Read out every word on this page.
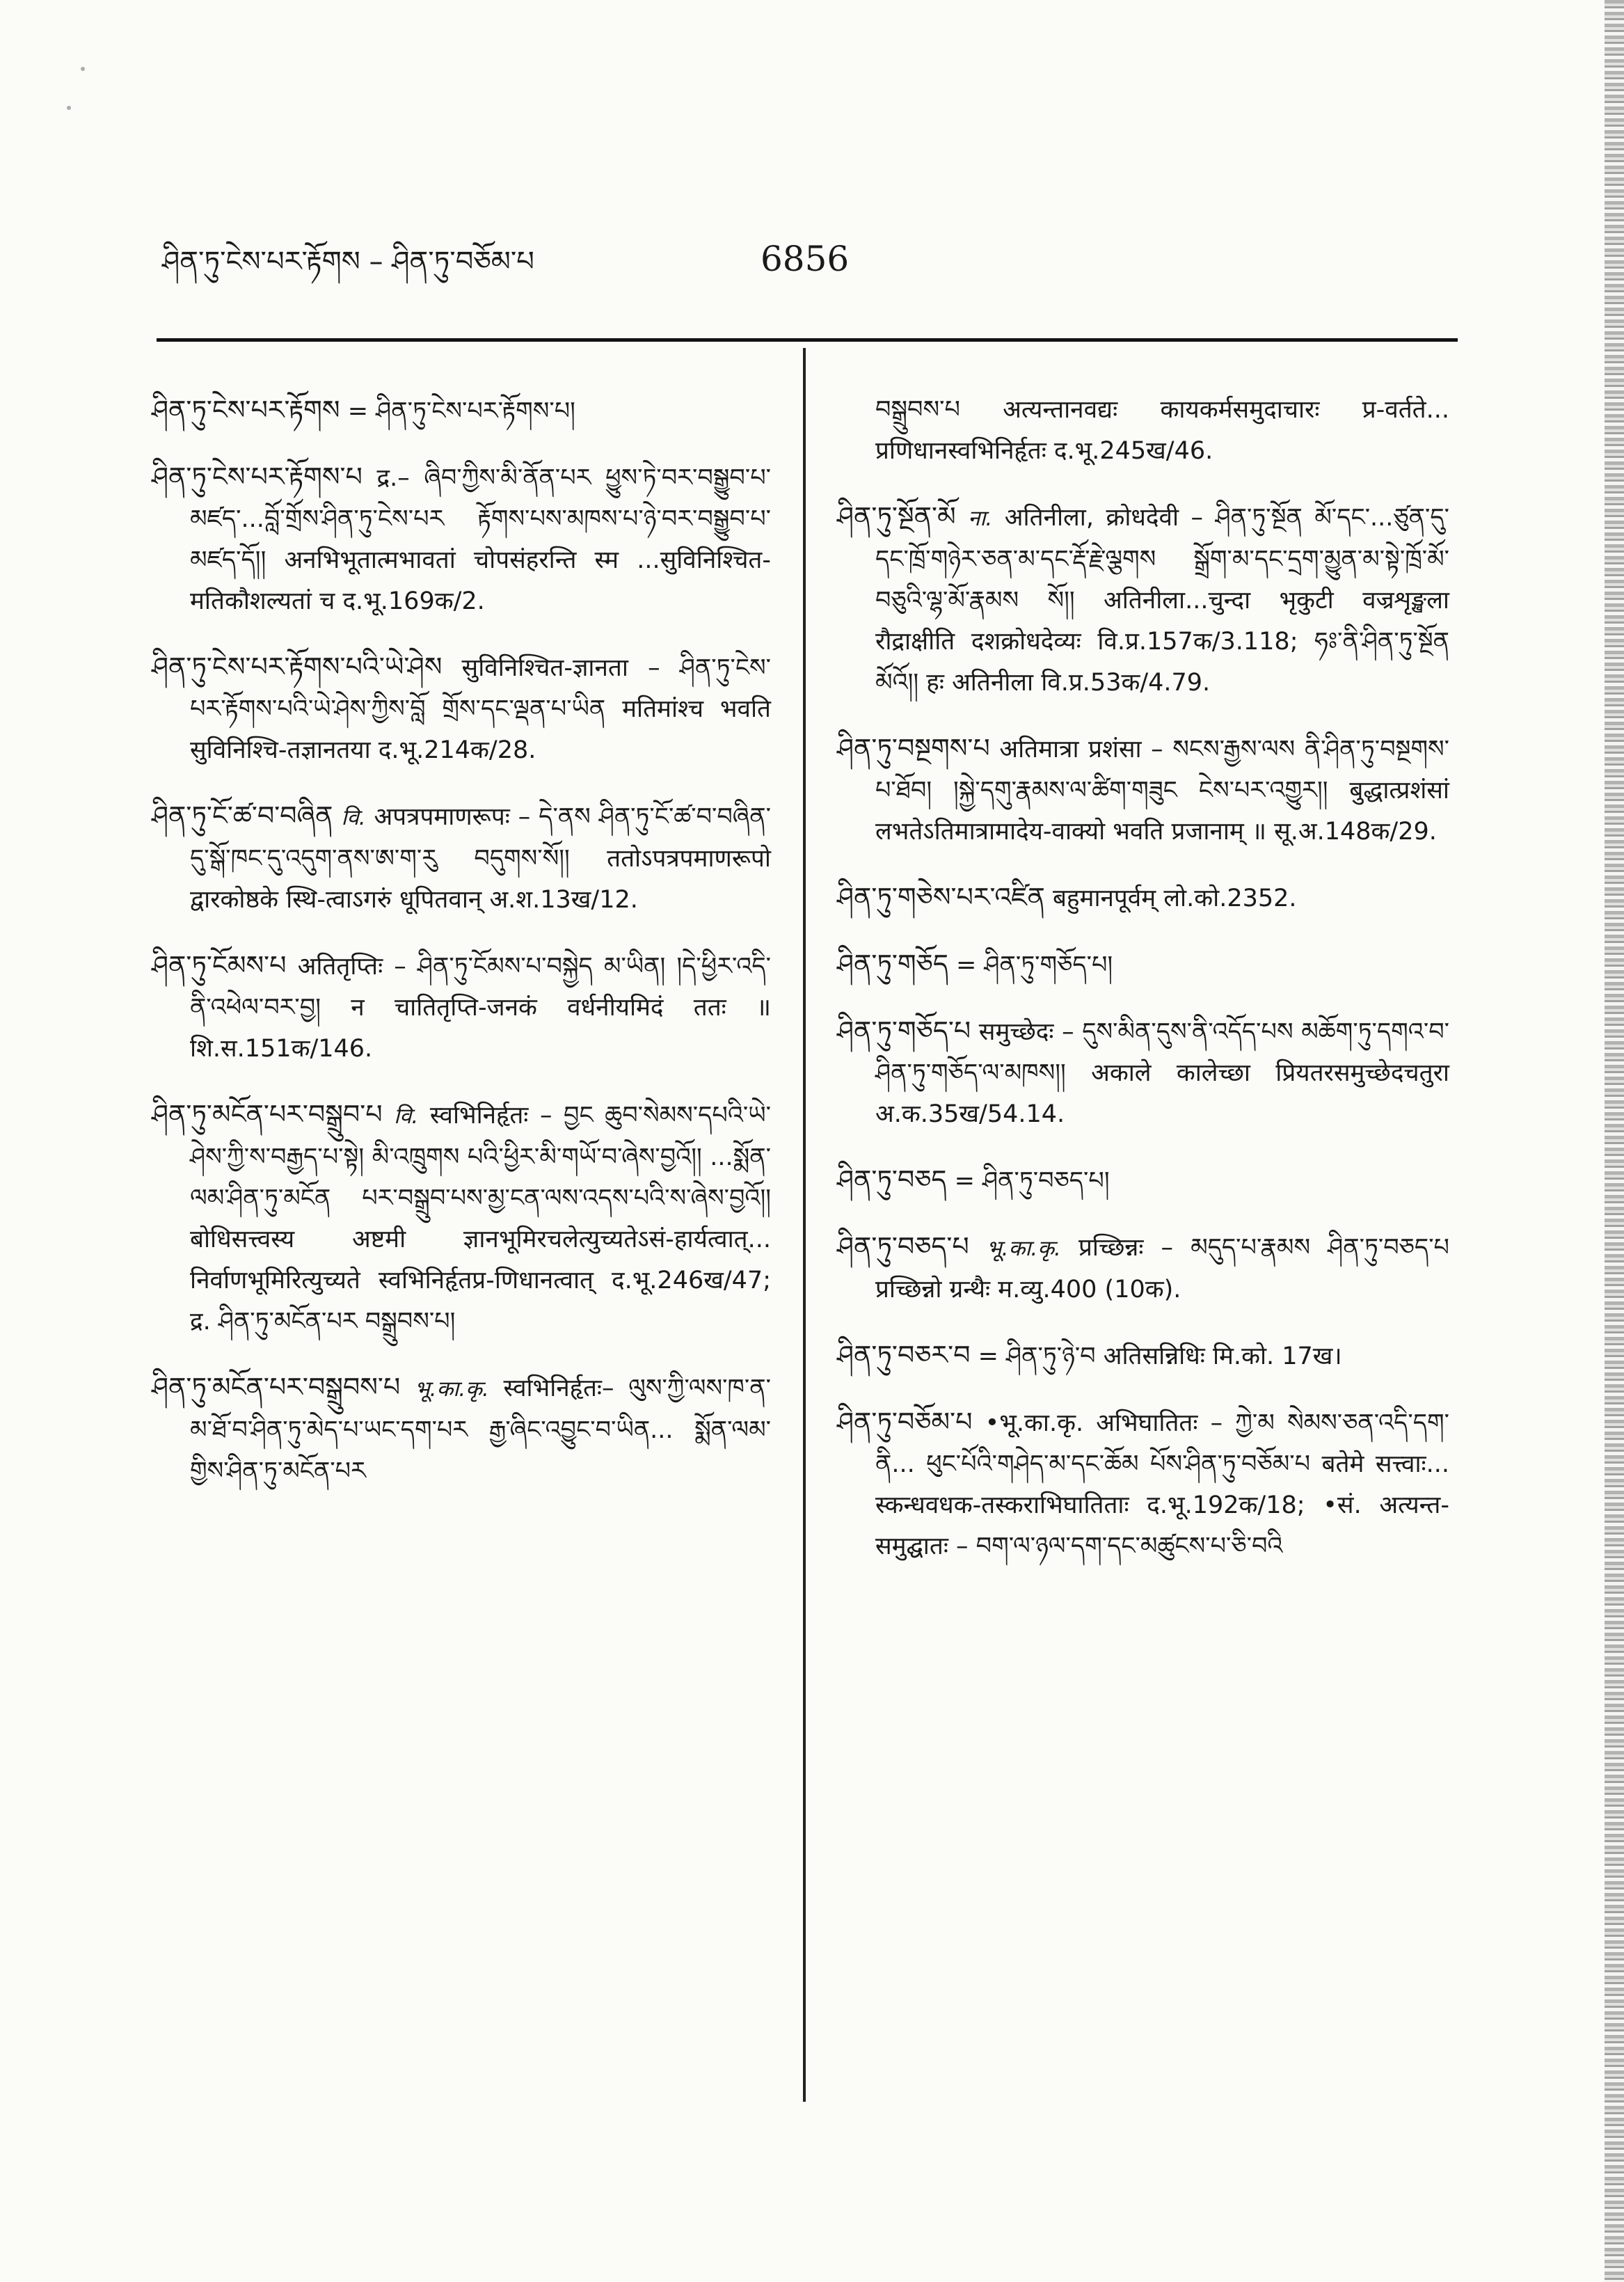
ཤིན་ཏུ་ངེས་པར་རྟོགས – ཤིན་ཏུ་བཅོམ་པ	6856

ཤིན་ཏུ་ངེས་པར་རྟོགས = ཤིན་ཏུ་ངེས་པར་རྟོགས་པ།

ཤིན་ཏུ་ངེས་པར་རྟོགས་པ द्र.– ཞིབ་ཀྱིས་མི་ནོན་པར ཕྱུས་ཏེ་བར་བསྒྱུབ་པ་མཛད་...བློ་གྲོས་ཤིན་ཏུ་ངེས་པར རྟོགས་པས་མཁས་པ་ཉེ་བར་བསྒྱུབ་པ་མཛད་དོ།། अनभिभूतात्मभावतां चोपसंहरन्ति स्म ...सुविनिश्चित-मतिकौशल्यतां च द.भू.169क/2.

ཤིན་ཏུ་ངེས་པར་རྟོགས་པའི་ཡེ་ཤེས सुविनिश्चित-ज्ञानता – ཤིན་ཏུ་ངེས་པར་རྟོགས་པའི་ཡེ་ཤེས་ཀྱིས་བློ གྲོས་དང་ལྡན་པ་ཡིན मतिमांश्च भवति सुविनिश्चि-तज्ञानतया द.भू.214क/28.

ཤིན་ཏུ་ངོ་ཚ་བ་བཞིན वि. अपत्रपमाणरूपः – དེ་ནས ཤིན་ཏུ་ངོ་ཚ་བ་བཞིན་དུ་སྒོ་ཁང་དུ་འདུག་ནས་ཨ་ག་རུ བདུགས་སོ།། ततोऽपत्रपमाणरूपो द्वारकोष्ठके स्थि-त्वाऽगरुं धूपितवान् अ.श.13ख/12.

ཤིན་ཏུ་ངོམས་པ अतितृप्तिः – ཤིན་ཏུ་ངོམས་པ་བསྐྱེད མ་ཡིན། །དེ་ཕྱིར་འདི་ནི་འཕེལ་བར་བྱ། न चातितृप्ति-जनकं वर्धनीयमिदं ततः ॥ शि.स.151क/146.

ཤིན་ཏུ་མངོན་པར་བསྒྲུབ་པ वि. स्वभिनिर्हृतः – བྱང ཆུབ་སེམས་དཔའི་ཡེ་ཤེས་ཀྱི་ས་བརྒྱད་པ་སྟེ། མི་འཁྲུགས པའི་ཕྱིར་མི་གཡོ་བ་ཞེས་བྱའོ།། ...སྨོན་ལམ་ཤིན་ཏུ་མངོན པར་བསྒྲུབ་པས་མྱ་ངན་ལས་འདས་པའི་ས་ཞེས་བྱའོ།། बोधिसत्त्वस्य अष्टमी ज्ञानभूमिरचलेत्युच्यतेऽसं-हार्यत्वात्... निर्वाणभूमिरित्युच्यते स्वभिनिर्हृतप्र-णिधानत्वात् द.भू.246ख/47; द्र. ཤིན་ཏུ་མངོན་པར བསྒྲུབས་པ།

ཤིན་ཏུ་མངོན་པར་བསྒྲུབས་པ भू.का.कृ. स्वभिनिर्हृतः– ལུས་ཀྱི་ལས་ཁ་ན་མ་ཐོ་བ་ཤིན་ཏུ་མེད་པ་ཡང་དག་པར རྒྱ་ཞིང་འབྱུང་བ་ཡིན... སྨོན་ལམ་གྱིས་ཤིན་ཏུ་མངོན་པར

བསྒྲུབས་པ अत्यन्तानवद्यः कायकर्मसमुदाचारः प्र-वर्तते... प्रणिधानस्वभिनिर्हृतः द.भू.245ख/46.

ཤིན་ཏུ་སྔོན་མོ ना. अतिनीला, क्रोधदेवी – ཤིན་ཏུ་སྔོན མོ་དང་...ཙུན་དུ་དང་ཁྲོ་གཉེར་ཅན་མ་དང་རྡོ་རྗེ་ལྕགས སྒྲོག་མ་དང་དྲག་མྱུན་མ་སྟེ་ཁྲོ་མོ་བཅུའི་ལྷ་མོ་རྣམས སོ།། अतिनीला...चुन्दा भृकुटी वज्रशृङ्खला रौद्राक्षीति दशक्रोधदेव्यः वि.प्र.157क/3.118; ཧཿ་ནི་ཤིན་ཏུ་སྔོན མོའོ།། हः अतिनीला वि.प्र.53क/4.79.

ཤིན་ཏུ་བསྔགས་པ अतिमात्रा प्रशंसा – སངས་རྒྱས་ལས ནི་ཤིན་ཏུ་བསྔགས་པ་ཐོབ། །སྐྱེ་དགུ་རྣམས་ལ་ཚིག་གཟུང ངེས་པར་འགྱུར།། बुद्धात्प्रशंसां लभतेऽतिमात्रामादेय-वाक्यो भवति प्रजानाम् ॥ सू.अ.148क/29.

ཤིན་ཏུ་གཅེས་པར་འཛིན बहुमानपूर्वम् लो.को.2352.

ཤིན་ཏུ་གཅོད = ཤིན་ཏུ་གཅོད་པ།

ཤིན་ཏུ་གཅོད་པ समुच्छेदः – དུས་མིན་དུས་ནི་འདོད་པས མཆོག་ཏུ་དགའ་བ་ཤིན་ཏུ་གཅོད་ལ་མཁས།། अकाले कालेच्छा प्रियतरसमुच्छेदचतुरा अ.क.35ख/54.14.

ཤིན་ཏུ་བཅད = ཤིན་ཏུ་བཅད་པ།

ཤིན་ཏུ་བཅད་པ भू.का.कृ. प्रच्छिन्नः – མདུད་པ་རྣམས ཤིན་ཏུ་བཅད་པ प्रच्छिन्नो ग्रन्थैः म.व्यु.400 (10क).

ཤིན་ཏུ་བཅར་བ = ཤིན་ཏུ་ཉེ་བ अतिसन्निधिः मि.को. 17ख।

ཤིན་ཏུ་བཅོམ་པ •भू.का.कृ. अभिघातितः – ཀྱེ་མ སེམས་ཅན་འདི་དག་ནི... ཕུང་པོའི་གཤེད་མ་དང་ཆོམ པོས་ཤིན་ཏུ་བཅོམ་པ बतेमे सत्त्वाः... स्कन्धवधक-तस्कराभिघातिताः द.भू.192क/18; •सं. अत्यन्त-समुद्घातः – བག་ལ་ཉལ་དག་དང་མཚུངས་པ་ཅི་བའི
